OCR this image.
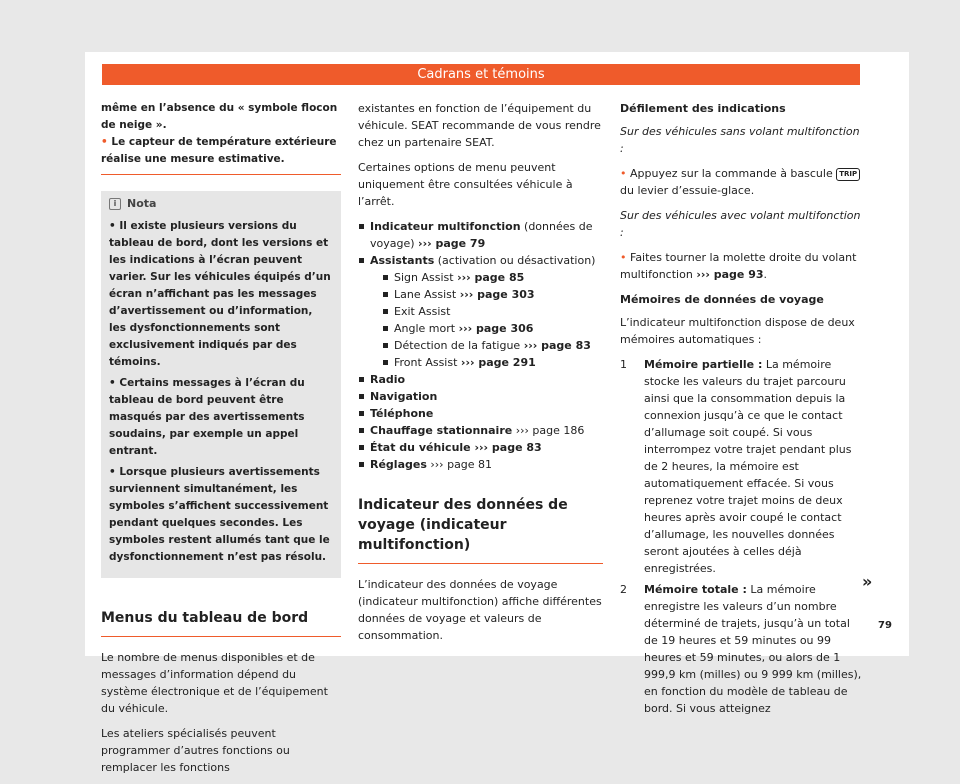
Cadrans et témoins
même en l’absence du « symbole flocon de neige ».
• Le capteur de température extérieure réalise une mesure estimative.
i Nota

• Il existe plusieurs versions du tableau de bord, dont les versions et les indications à l’écran peuvent varier. Sur les véhicules équipés d’un écran n’affichant pas les messages d’avertissement ou d’information, les dysfonctionnements sont exclusivement indiqués par des témoins.

• Certains messages à l’écran du tableau de bord peuvent être masqués par des avertissements soudains, par exemple un appel entrant.

• Lorsque plusieurs avertissements surviennent simultanément, les symboles s’affichent successivement pendant quelques secondes. Les symboles restent allumés tant que le dysfonctionnement n’est pas résolu.

Menus du tableau de bord

Le nombre de menus disponibles et de messages d’information dépend du système électronique et de l’équipement du véhicule.

Les ateliers spécialisés peuvent programmer d’autres fonctions ou remplacer les fonctions

existantes en fonction de l’équipement du véhicule. SEAT recommande de vous rendre chez un partenaire SEAT.

Certaines options de menu peuvent uniquement être consultées véhicule à l’arrêt.

Indicateur multifonction (données de voyage) ››› page 79
Assistants (activation ou désactivation)
Sign Assist ››› page 85
Lane Assist ››› page 303
Exit Assist
Angle mort ››› page 306
Détection de la fatigue ››› page 83
Front Assist ››› page 291
Radio
Navigation
Téléphone
Chauffage stationnaire ››› page 186
État du véhicule ››› page 83
Réglages ››› page 81
Indicateur des données de voyage (indicateur multifonction)

L’indicateur des données de voyage (indicateur multifonction) affiche différentes données de voyage et valeurs de consommation.

Défilement des indications

Sur des véhicules sans volant multifonction :

• Appuyez sur la commande à bascule TRIP du levier d’essuie-glace.

Sur des véhicules avec volant multifonction :

• Faites tourner la molette droite du volant multifonction ››› page 93.

Mémoires de données de voyage

L’indicateur multifonction dispose de deux mémoires automatiques :

1	Mémoire partielle : La mémoire stocke les valeurs du trajet parcouru ainsi que la consommation depuis la connexion jusqu’à ce que le contact d’allumage soit coupé. Si vous interrompez votre trajet pendant plus de 2 heures, la mémoire est automatiquement effacée. Si vous reprenez votre trajet moins de deux heures après avoir coupé le contact d’allumage, les nouvelles données seront ajoutées à celles déjà enregistrées.
2	Mémoire totale : La mémoire enregistre les valeurs d’un nombre déterminé de trajets, jusqu’à un total de 19 heures et 59 minutes ou 99 heures et 59 minutes, ou alors de 1 999,9 km (milles) ou 9 999 km (milles), en fonction du modèle de tableau de bord. Si vous atteignez
»
79
